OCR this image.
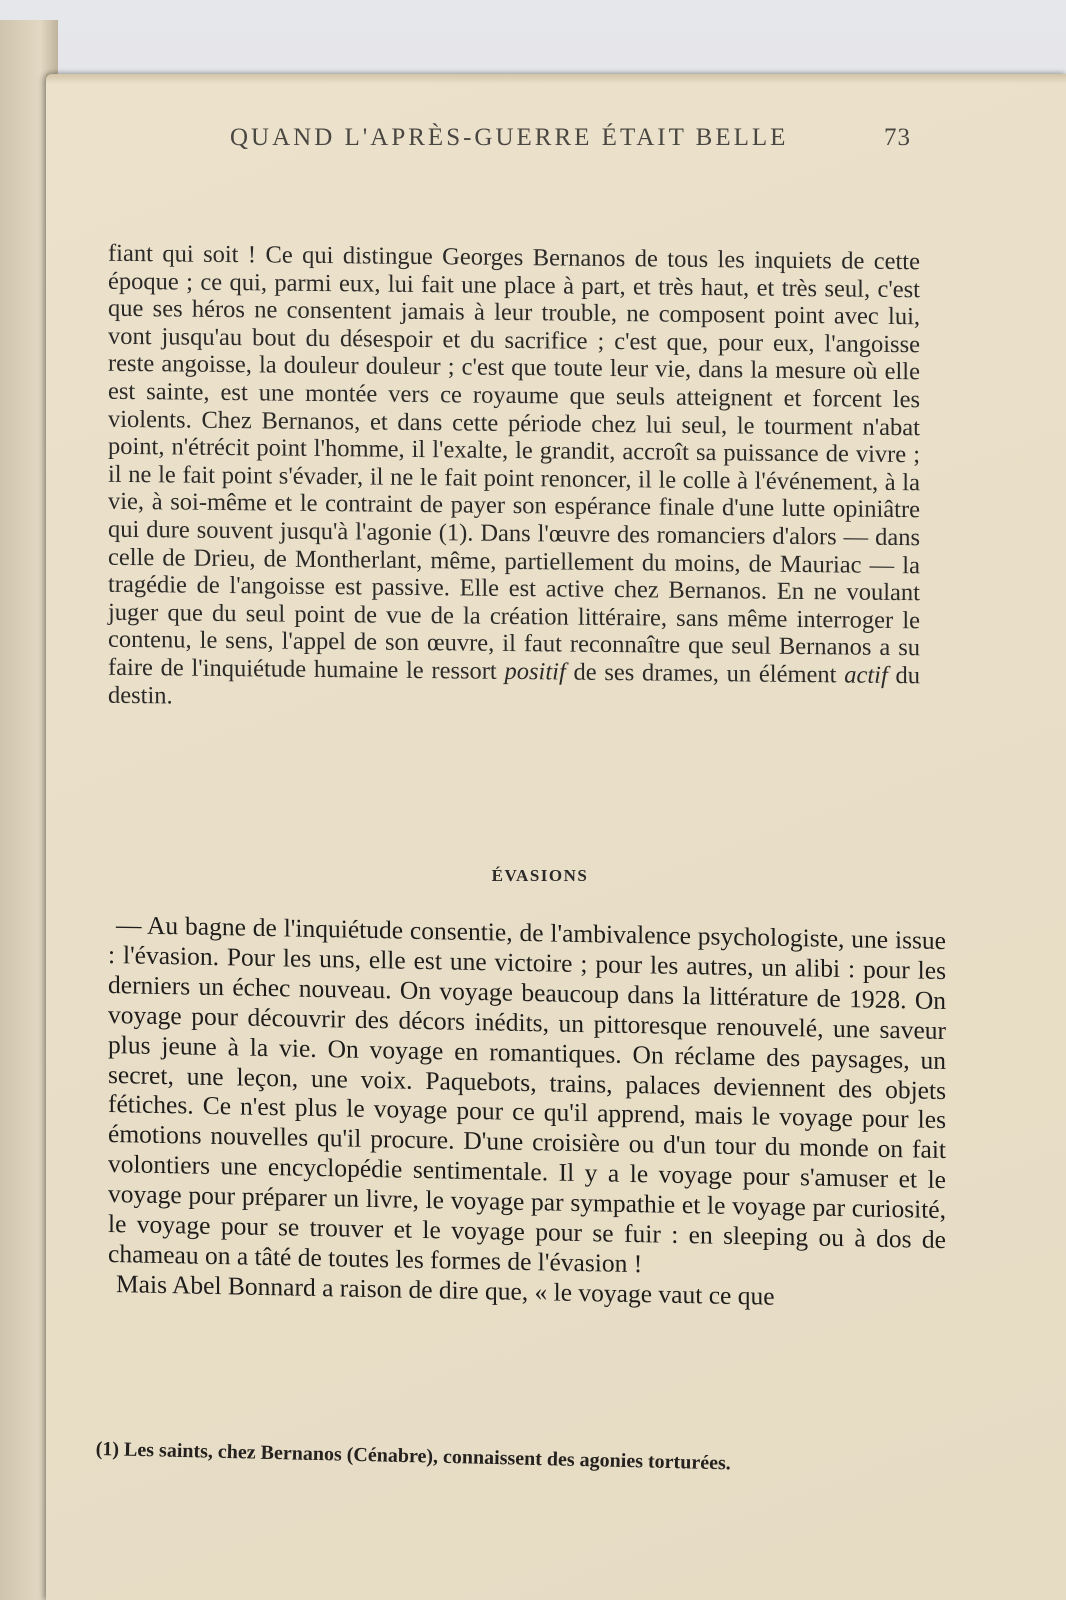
QUAND L'APRÈS-GUERRE ÉTAIT BELLE	73

fiant qui soit ! Ce qui distingue Georges Bernanos de tous les inquiets de cette époque ; ce qui, parmi eux, lui fait une place à part, et très haut, et très seul, c'est que ses héros ne consentent jamais à leur trouble, ne composent point avec lui, vont jusqu'au bout du désespoir et du sacrifice ; c'est que, pour eux, l'angoisse reste angoisse, la douleur douleur ; c'est que toute leur vie, dans la mesure où elle est sainte, est une montée vers ce royaume que seuls atteignent et forcent les violents. Chez Bernanos, et dans cette période chez lui seul, le tourment n'abat point, n'étrécit point l'homme, il l'exalte, le grandit, accroît sa puissance de vivre ; il ne le fait point s'évader, il ne le fait point renoncer, il le colle à l'événement, à la vie, à soi-même et le contraint de payer son espérance finale d'une lutte opiniâtre qui dure souvent jusqu'à l'agonie (1). Dans l'œuvre des romanciers d'alors — dans celle de Drieu, de Montherlant, même, partiellement du moins, de Mauriac — la tragédie de l'angoisse est passive. Elle est active chez Bernanos. En ne voulant juger que du seul point de vue de la création littéraire, sans même interroger le contenu, le sens, l'appel de son œuvre, il faut reconnaître que seul Bernanos a su faire de l'inquiétude humaine le ressort positif de ses drames, un élément actif du destin.

ÉVASIONS

— Au bagne de l'inquiétude consentie, de l'ambivalence psychologiste, une issue : l'évasion. Pour les uns, elle est une victoire ; pour les autres, un alibi : pour les derniers un échec nouveau. On voyage beaucoup dans la littérature de 1928. On voyage pour découvrir des décors inédits, un pittoresque renouvelé, une saveur plus jeune à la vie. On voyage en romantiques. On réclame des paysages, un secret, une leçon, une voix. Paquebots, trains, palaces deviennent des objets fétiches. Ce n'est plus le voyage pour ce qu'il apprend, mais le voyage pour les émotions nouvelles qu'il procure. D'une croisière ou d'un tour du monde on fait volontiers une encyclopédie sentimentale. Il y a le voyage pour s'amuser et le voyage pour préparer un livre, le voyage par sympathie et le voyage par curiosité, le voyage pour se trouver et le voyage pour se fuir : en sleeping ou à dos de chameau on a tâté de toutes les formes de l'évasion !

Mais Abel Bonnard a raison de dire que, « le voyage vaut ce que

(1) Les saints, chez Bernanos (Cénabre), connaissent des agonies torturées.
